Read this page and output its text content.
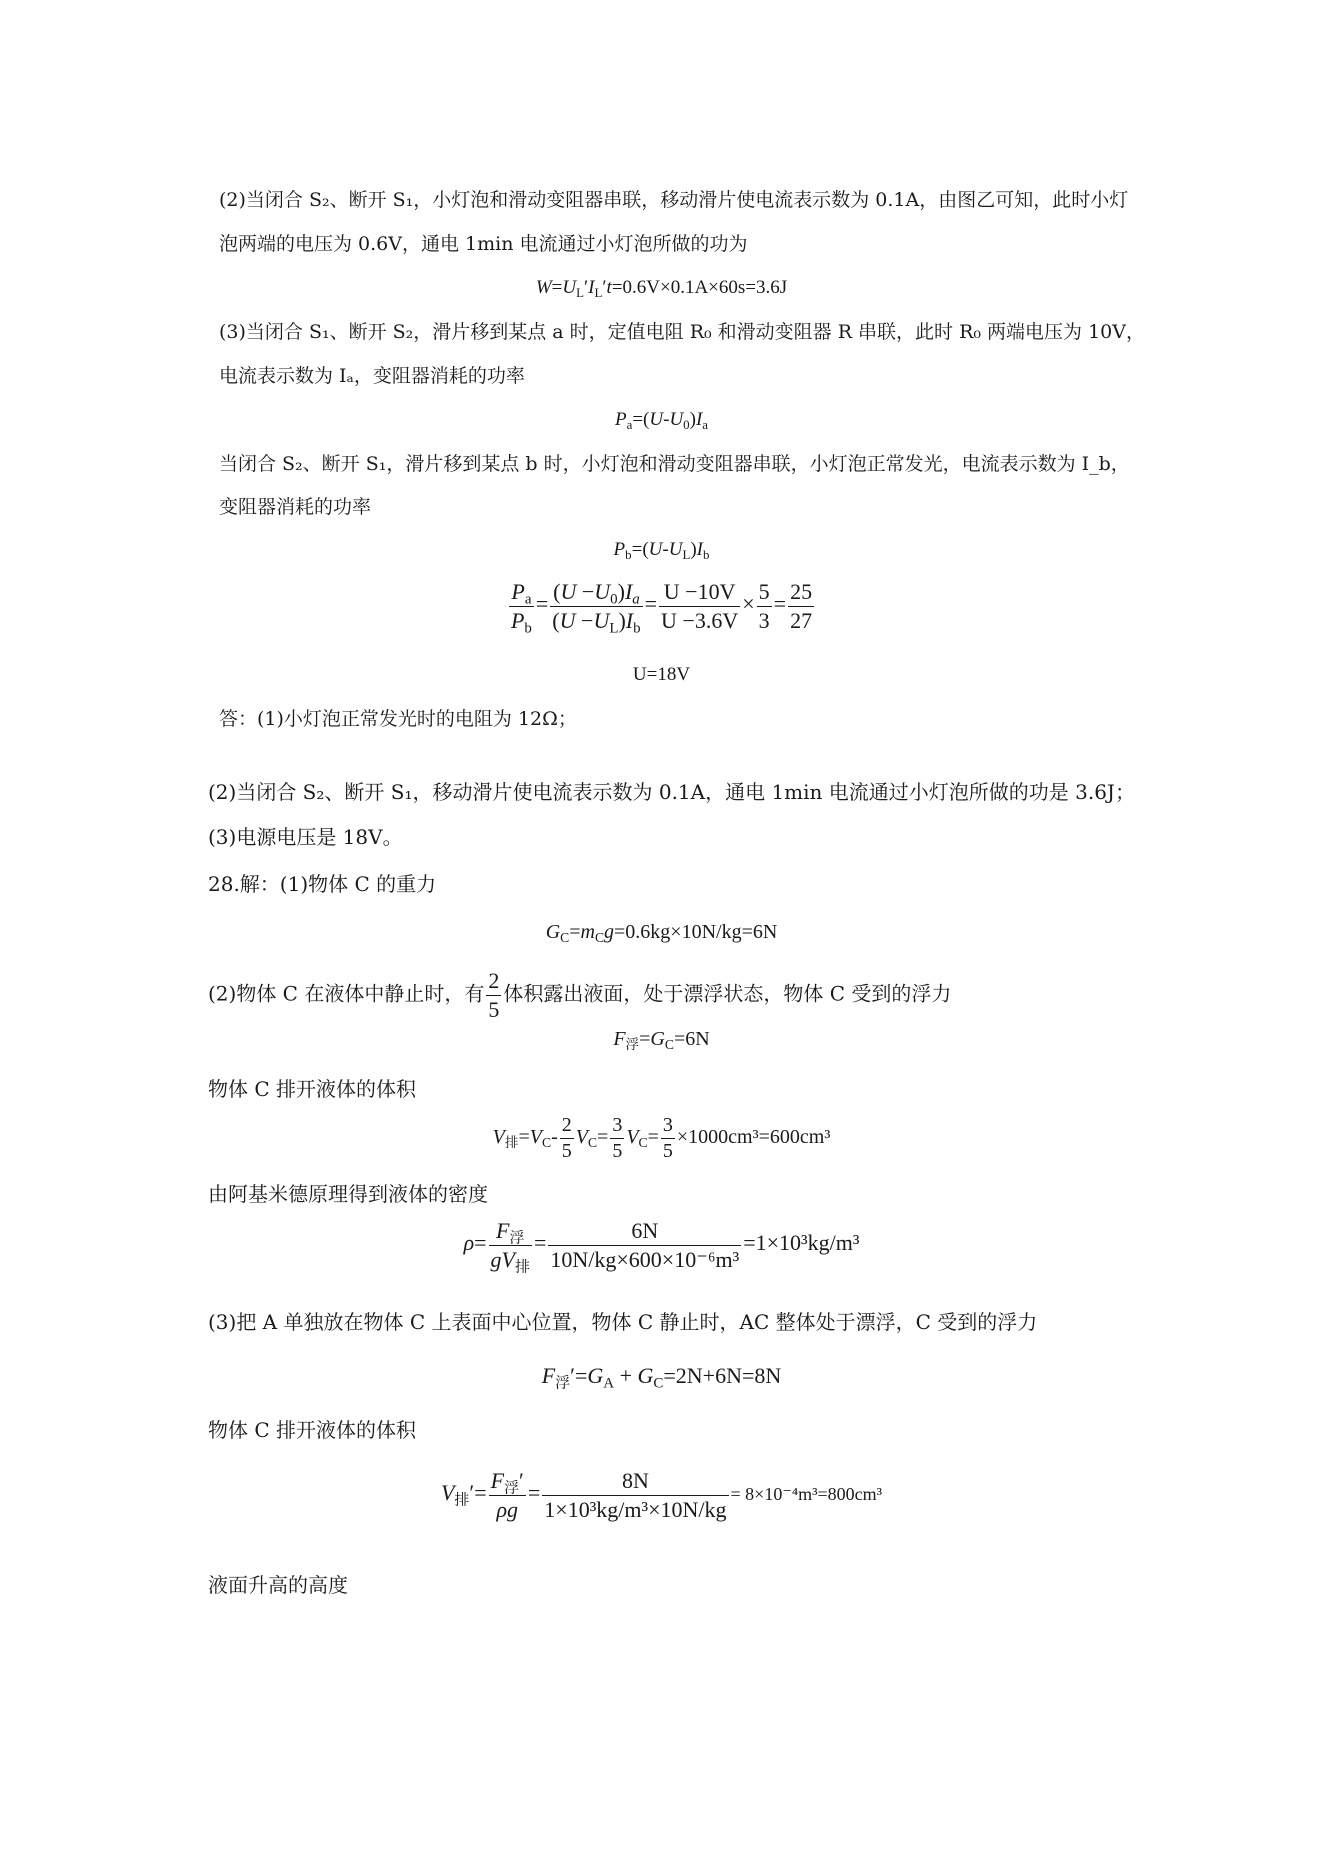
(2)当闭合 S₂、断开 S₁，小灯泡和滑动变阻器串联，移动滑片使电流表示数为 0.1A，由图乙可知，此时小灯
泡两端的电压为 0.6V，通电 1min 电流通过小灯泡所做的功为
$W=U_L'I_L't=0.6V\times 0.1A\times 60s=3.6J$
(3)当闭合 S₁、断开 S₂，滑片移到某点 a 时，定值电阻 R₀ 和滑动变阻器 R 串联，此时 R₀ 两端电压为 10V，
电流表示数为 Iₐ，变阻器消耗的功率
$P_a=(U-U_0)I_a$
当闭合 S₂、断开 S₁，滑片移到某点 b 时，小灯泡和滑动变阻器串联，小灯泡正常发光，电流表示数为 I_b，
变阻器消耗的功率
$P_b=(U-U_L)I_b$
$\frac{P_a}{P_b} = \frac{(U -U_0)I_a}{(U -U_L)I_b} = \frac{U -10V}{U -3.6V} \times \frac{5}{3} = \frac{25}{27}$
U=18V
答：(1)小灯泡正常发光时的电阻为 12Ω；
(2)当闭合 S₂、断开 S₁，移动滑片使电流表示数为 0.1A，通电 1min 电流通过小灯泡所做的功是 3.6J；
(3)电源电压是 18V。
28.解：(1)物体 C 的重力
$G_C=m_Cg=0.6kg\times 10N/kg=6N$
(2)物体 C 在液体中静止时，有 $\frac{2}{5}$ 体积露出液面，处于漂浮状态，物体 C 受到的浮力
$F_浮=G_C=6N$
物体 C 排开液体的体积
$V_排=V_C- \frac{2}{5} V_C= \frac{3}{5} V_C= \frac{3}{5} \times 1000cm^3=600cm^3$
由阿基米德原理得到液体的密度
$\rho= F_浮$
$gV_排$
= $\frac{6N}{\text{10N/kg×600×10⁻⁶m³}} =1\times 10^3kg/m^3$
(3)把 A 单独放在物体 C 上表面中心位置，物体 C 静止时，AC 整体处于漂浮，C 受到的浮力
$F_浮'=G_A + G_C=2N+6N=8N$
物体 C 排开液体的体积
$V_排'= F_浮'$
ρg
= $\frac{8N}{\text{1×10³kg/m³×10N/kg}} = 8\times 10^{-4}m^3=800cm^3$
液面升高的高度
